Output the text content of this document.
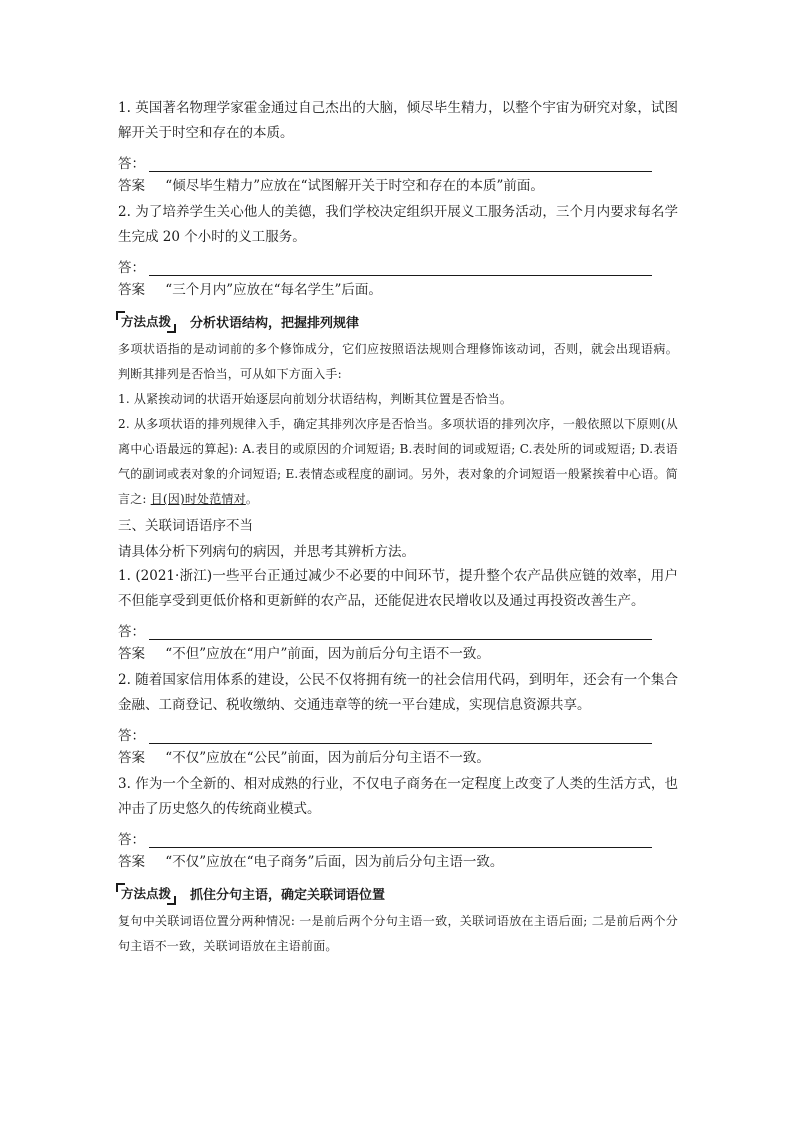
1. 英国著名物理学家霍金通过自己杰出的大脑，倾尽毕生精力，以整个宇宙为研究对象，试图解开关于时空和存在的本质。

答：
答案 “倾尽毕生精力”应放在“试图解开关于时空和存在的本质”前面。

2. 为了培养学生关心他人的美德，我们学校决定组织开展义工服务活动，三个月内要求每名学生完成 20 个小时的义工服务。

答：
答案 “三个月内”应放在“每名学生”后面。
方法点拨	分析状语结构，把握排列规律

多项状语指的是动词前的多个修饰成分，它们应按照语法规则合理修饰该动词，否则，就会出现语病。判断其排列是否恰当，可从如下方面入手:

1. 从紧挨动词的状语开始逐层向前划分状语结构，判断其位置是否恰当。

2. 从多项状语的排列规律入手，确定其排列次序是否恰当。多项状语的排列次序，一般依照以下原则(从离中心语最远的算起): A.表目的或原因的介词短语; B.表时间的词或短语; C.表处所的词或短语; D.表语气的副词或表对象的介词短语; E.表情态或程度的副词。另外，表对象的介词短语一般紧挨着中心语。简言之: 目(因)时处范情对。

三、关联词语语序不当

请具体分析下列病句的病因，并思考其辨析方法。

1. (2021·浙江)一些平台正通过减少不必要的中间环节，提升整个农产品供应链的效率，用户不但能享受到更低价格和更新鲜的农产品，还能促进农民增收以及通过再投资改善生产。

答：
答案 “不但”应放在“用户”前面，因为前后分句主语不一致。

2. 随着国家信用体系的建设，公民不仅将拥有统一的社会信用代码，到明年，还会有一个集合金融、工商登记、税收缴纳、交通违章等的统一平台建成，实现信息资源共享。

答：
答案 “不仅”应放在“公民”前面，因为前后分句主语不一致。

3. 作为一个全新的、相对成熟的行业，不仅电子商务在一定程度上改变了人类的生活方式，也冲击了历史悠久的传统商业模式。

答：
答案 “不仅”应放在“电子商务”后面，因为前后分句主语一致。
方法点拨	抓住分句主语，确定关联词语位置

复句中关联词语位置分两种情况: 一是前后两个分句主语一致，关联词语放在主语后面; 二是前后两个分句主语不一致，关联词语放在主语前面。
